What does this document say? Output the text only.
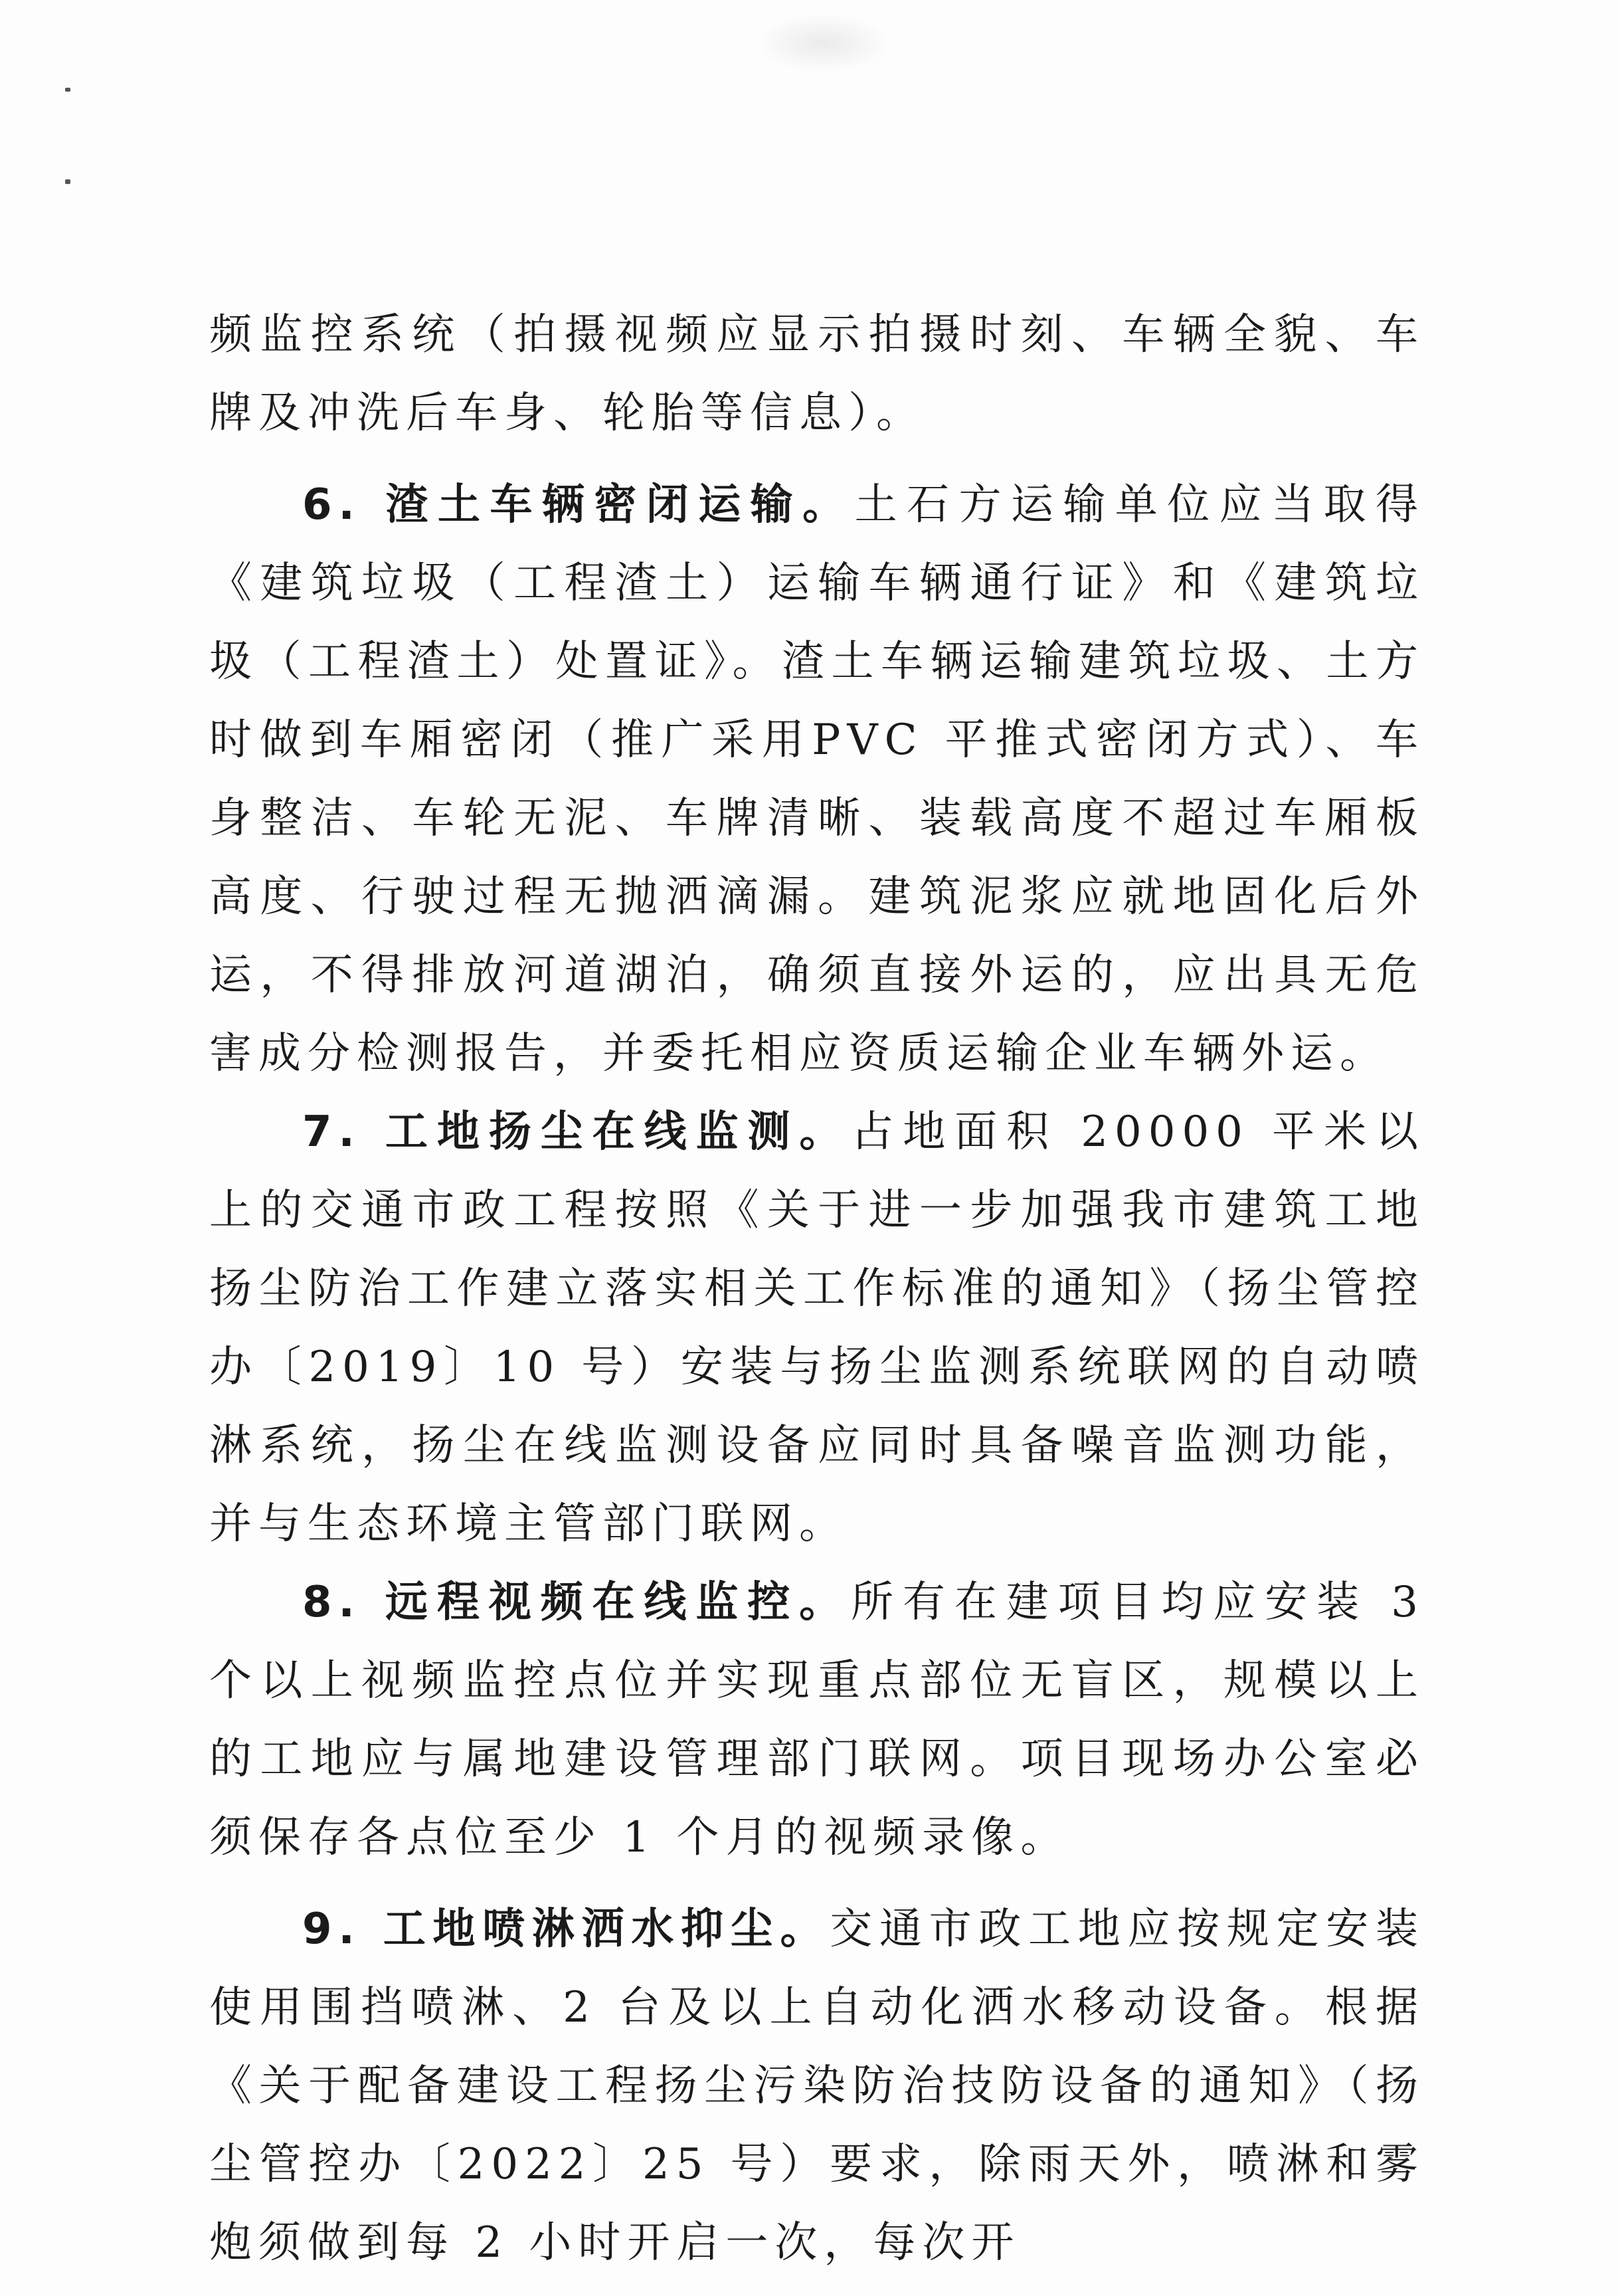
频监控系统（拍摄视频应显示拍摄时刻、车辆全貌、车牌及冲洗后车身、轮胎等信息）。

6. 渣土车辆密闭运输。土石方运输单位应当取得《建筑垃圾（工程渣土）运输车辆通行证》和《建筑垃圾（工程渣土）处置证》。渣土车辆运输建筑垃圾、土方时做到车厢密闭（推广采用PVC 平推式密闭方式）、车身整洁、车轮无泥、车牌清晰、装载高度不超过车厢板高度、行驶过程无抛洒滴漏。建筑泥浆应就地固化后外运，不得排放河道湖泊，确须直接外运的，应出具无危害成分检测报告，并委托相应资质运输企业车辆外运。

7. 工地扬尘在线监测。占地面积 20000 平米以上的交通市政工程按照《关于进一步加强我市建筑工地扬尘防治工作建立落实相关工作标准的通知》（扬尘管控办〔2019〕10 号）安装与扬尘监测系统联网的自动喷淋系统，扬尘在线监测设备应同时具备噪音监测功能，并与生态环境主管部门联网。

8. 远程视频在线监控。所有在建项目均应安装 3 个以上视频监控点位并实现重点部位无盲区，规模以上的工地应与属地建设管理部门联网。项目现场办公室必须保存各点位至少 1 个月的视频录像。

9. 工地喷淋洒水抑尘。交通市政工地应按规定安装使用围挡喷淋、2 台及以上自动化洒水移动设备。根据《关于配备建设工程扬尘污染防治技防设备的通知》（扬尘管控办〔2022〕25 号）要求，除雨天外，喷淋和雾炮须做到每 2 小时开启一次，每次开
